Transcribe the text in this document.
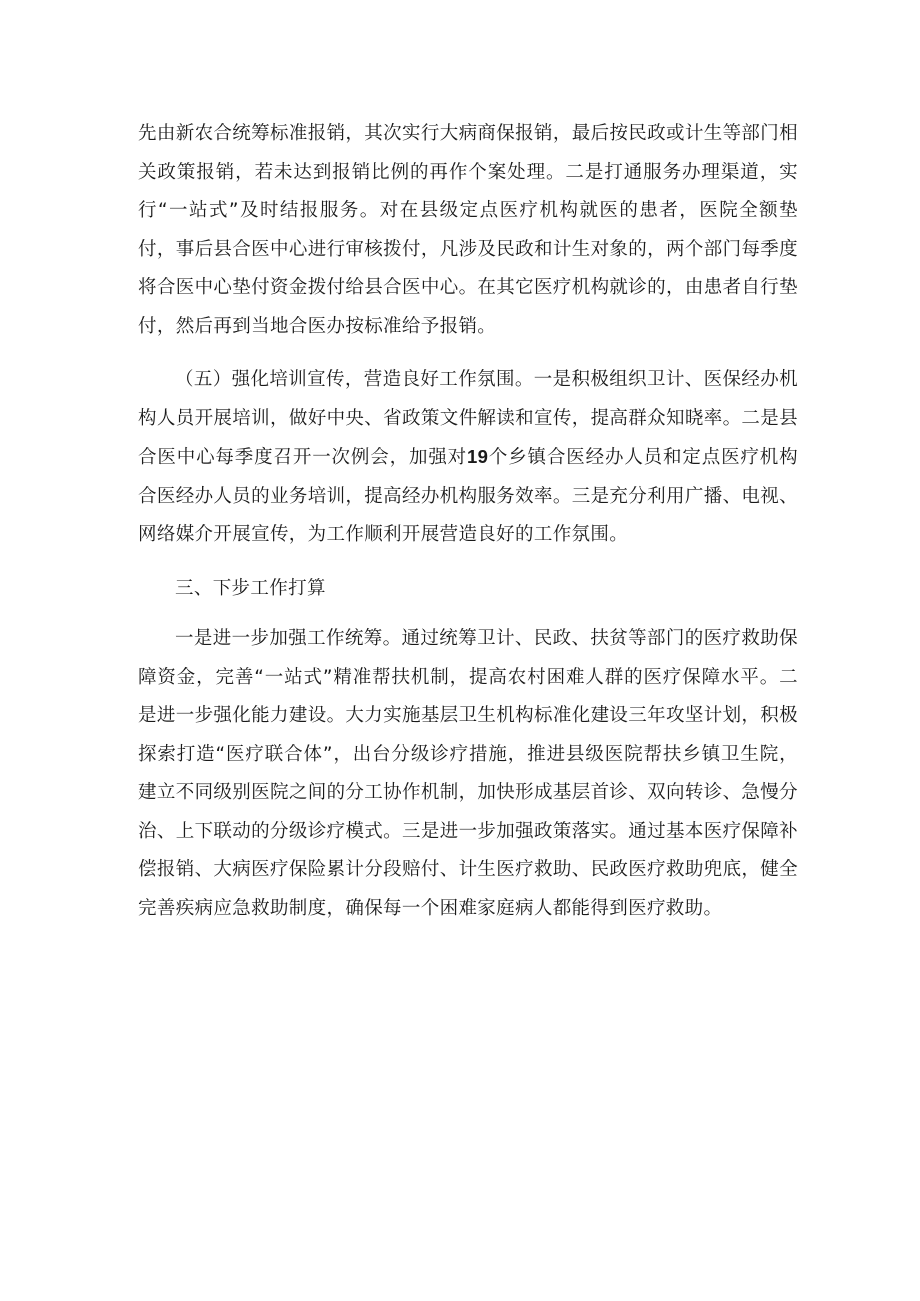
先由新农合统筹标准报销，其次实行大病商保报销，最后按民政或计生等部门相关政策报销，若未达到报销比例的再作个案处理。二是打通服务办理渠道，实行“一站式”及时结报服务。对在县级定点医疗机构就医的患者，医院全额垫付，事后县合医中心进行审核拨付，凡涉及民政和计生对象的，两个部门每季度将合医中心垫付资金拨付给县合医中心。在其它医疗机构就诊的，由患者自行垫付，然后再到当地合医办按标准给予报销。

（五）强化培训宣传，营造良好工作氛围。一是积极组织卫计、医保经办机构人员开展培训，做好中央、省政策文件解读和宣传，提高群众知晓率。二是县合医中心每季度召开一次例会，加强对19个乡镇合医经办人员和定点医疗机构合医经办人员的业务培训，提高经办机构服务效率。三是充分利用广播、电视、网络媒介开展宣传，为工作顺利开展营造良好的工作氛围。

三、下步工作打算

一是进一步加强工作统筹。通过统筹卫计、民政、扶贫等部门的医疗救助保障资金，完善“一站式”精准帮扶机制，提高农村困难人群的医疗保障水平。二是进一步强化能力建设。大力实施基层卫生机构标准化建设三年攻坚计划，积极探索打造“医疗联合体”，出台分级诊疗措施，推进县级医院帮扶乡镇卫生院，建立不同级别医院之间的分工协作机制，加快形成基层首诊、双向转诊、急慢分治、上下联动的分级诊疗模式。三是进一步加强政策落实。通过基本医疗保障补偿报销、大病医疗保险累计分段赔付、计生医疗救助、民政医疗救助兜底，健全完善疾病应急救助制度，确保每一个困难家庭病人都能得到医疗救助。
